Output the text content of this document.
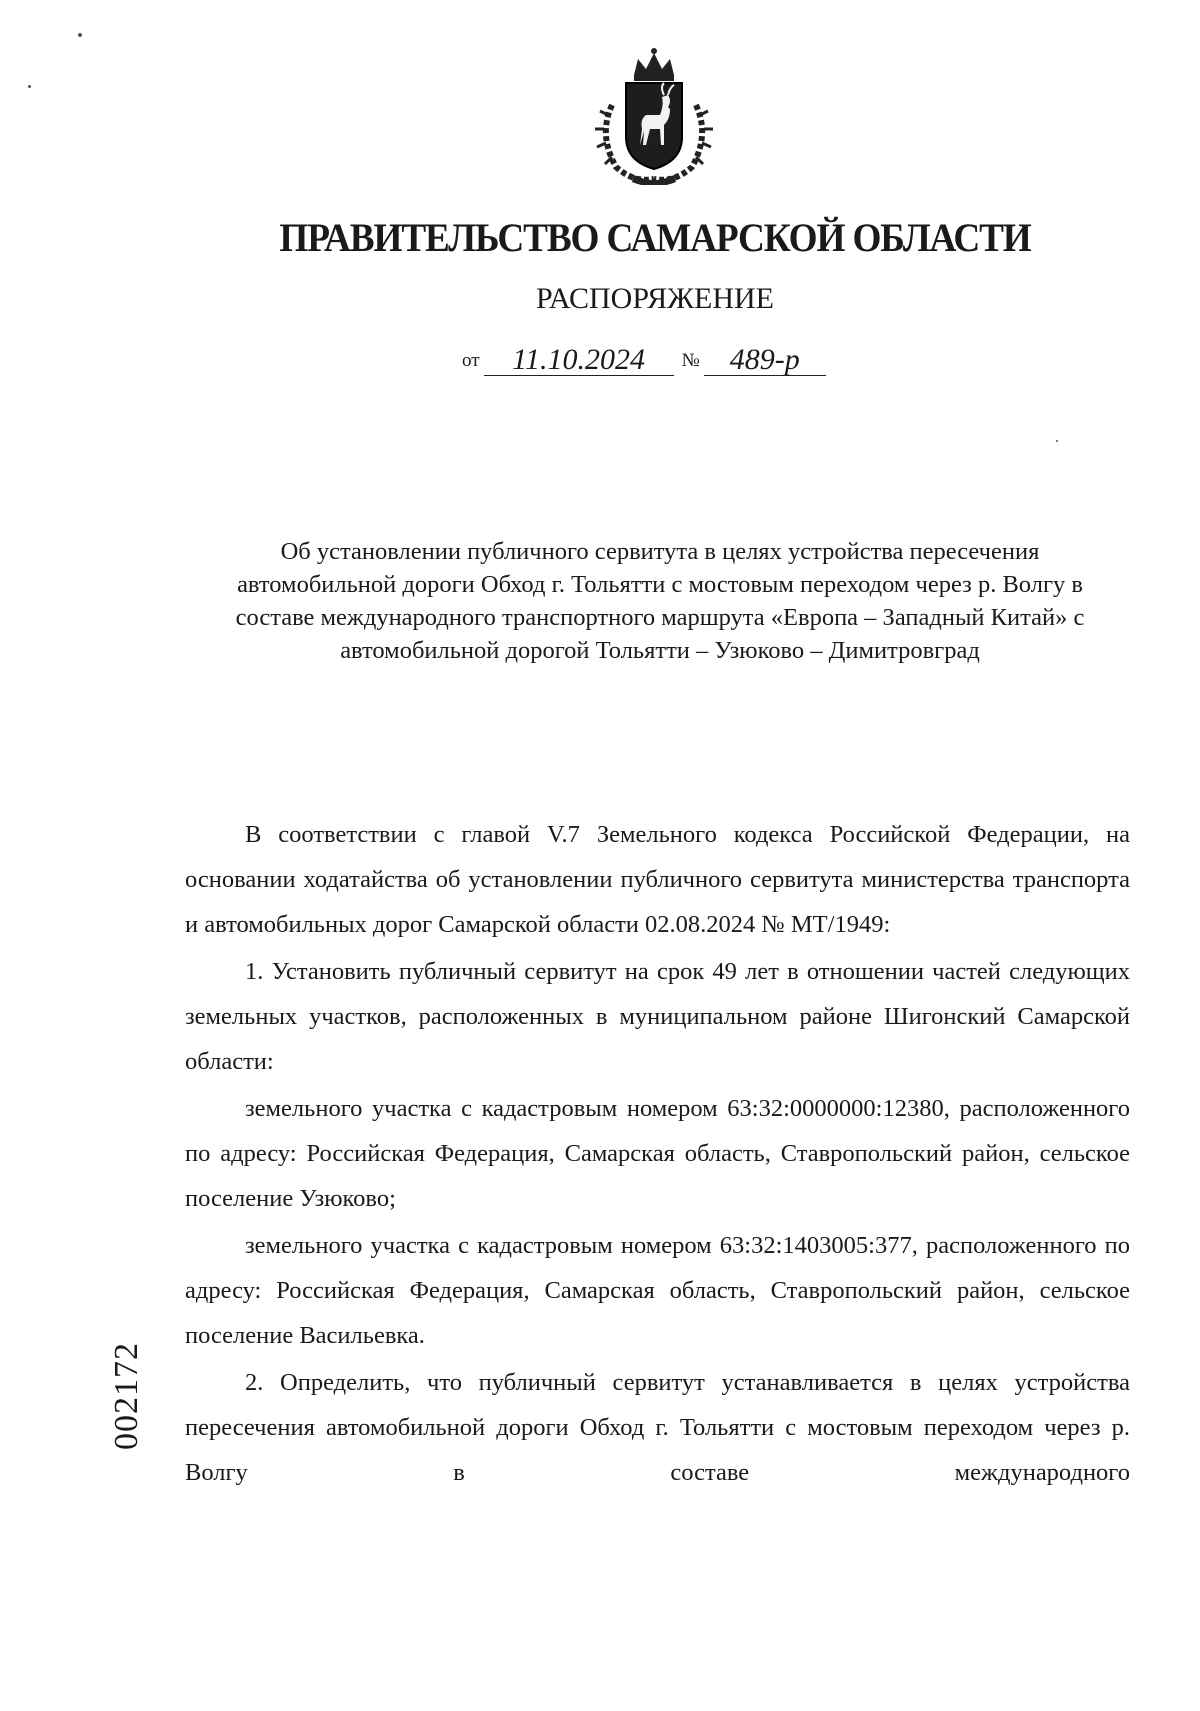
ПРАВИТЕЛЬСТВО САМАРСКОЙ ОБЛАСТИ
РАСПОРЯЖЕНИЕ
от 11.10.2024 № 489-р
Об установлении публичного сервитута в целях устройства пересечения автомобильной дороги Обход г. Тольятти с мостовым переходом через р. Волгу в составе международного транспортного маршрута «Европа – Западный Китай» с автомобильной дорогой Тольятти – Узюково – Димитровград

В соответствии с главой V.7 Земельного кодекса Российской Федерации, на основании ходатайства об установлении публичного сервитута министерства транспорта и автомобильных дорог Самарской области 02.08.2024 № МТ/1949:

1. Установить публичный сервитут на срок 49 лет в отношении частей следующих земельных участков, расположенных в муниципальном районе Шигонский Самарской области:

земельного участка с кадастровым номером 63:32:0000000:12380, расположенного по адресу: Российская Федерация, Самарская область, Ставропольский район, сельское поселение Узюково;

земельного участка с кадастровым номером 63:32:1403005:377, расположенного по адресу: Российская Федерация, Самарская область, Ставропольский район, сельское поселение Васильевка.

2. Определить, что публичный сервитут устанавливается в целях устройства пересечения автомобильной дороги Обход г. Тольятти с мостовым переходом через р. Волгу в составе международного

002172
